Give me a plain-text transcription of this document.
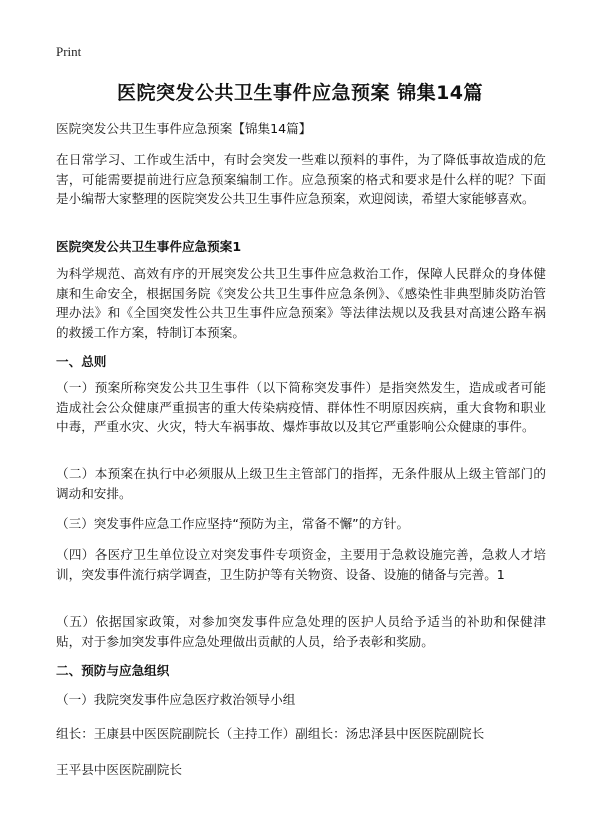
Print
医院突发公共卫生事件应急预案 锦集14篇

医院突发公共卫生事件应急预案【锦集14篇】

在日常学习、工作或生活中，有时会突发一些难以预料的事件，为了降低事故造成的危害，可能需要提前进行应急预案编制工作。应急预案的格式和要求是什么样的呢？下面是小编帮大家整理的医院突发公共卫生事件应急预案，欢迎阅读，希望大家能够喜欢。

医院突发公共卫生事件应急预案1

为科学规范、高效有序的开展突发公共卫生事件应急救治工作，保障人民群众的身体健康和生命安全，根据国务院《突发公共卫生事件应急条例》、《感染性非典型肺炎防治管理办法》和《全国突发性公共卫生事件应急预案》等法律法规以及我县对高速公路车祸的救援工作方案，特制订本预案。

一、总则

（一）预案所称突发公共卫生事件（以下简称突发事件）是指突然发生，造成或者可能造成社会公众健康严重损害的重大传染病疫情、群体性不明原因疾病，重大食物和职业中毒，严重水灾、火灾，特大车祸事故、爆炸事故以及其它严重影响公众健康的事件。

（二）本预案在执行中必须服从上级卫生主管部门的指挥，无条件服从上级主管部门的调动和安排。

（三）突发事件应急工作应坚持“预防为主，常备不懈”的方针。

（四）各医疗卫生单位设立对突发事件专项资金，主要用于急救设施完善，急救人才培训，突发事件流行病学调查，卫生防护等有关物资、设备、设施的储备与完善。1

（五）依据国家政策，对参加突发事件应急处理的医护人员给予适当的补助和保健津贴，对于参加突发事件应急处理做出贡献的人员，给予表彰和奖励。

二、预防与应急组织

（一）我院突发事件应急医疗救治领导小组

组长：王康县中医医院副院长（主持工作）副组长：汤忠泽县中医医院副院长

王平县中医医院副院长
